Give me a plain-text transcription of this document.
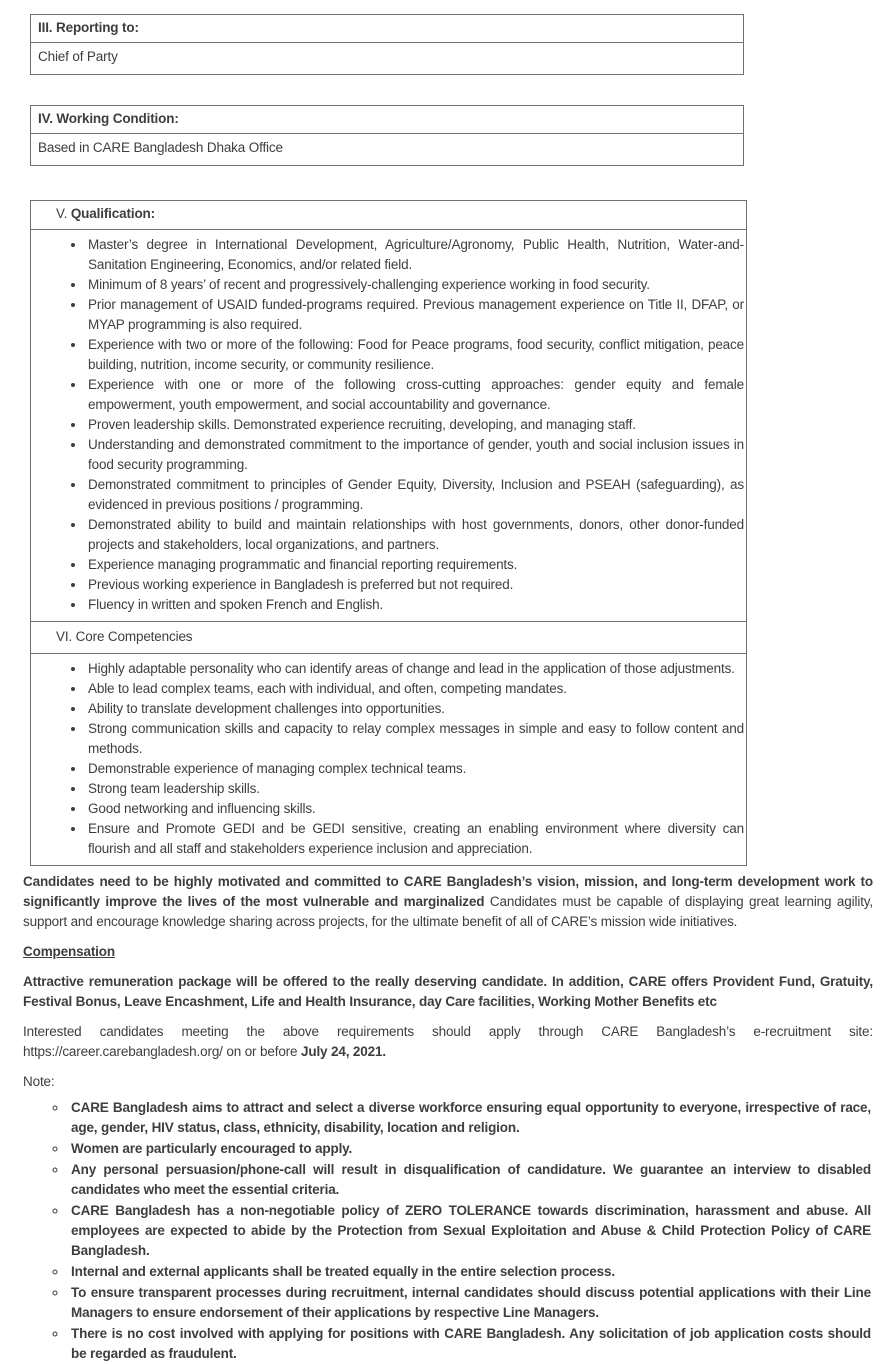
III. Reporting to:
Chief of Party
IV. Working Condition:
Based in CARE Bangladesh Dhaka Office
V. Qualification:
• Master’s degree in International Development, Agriculture/Agronomy, Public Health, Nutrition, Water-and-Sanitation Engineering, Economics, and/or related field.
• Minimum of 8 years’ of recent and progressively-challenging experience working in food security.
• Prior management of USAID funded-programs required. Previous management experience on Title II, DFAP, or MYAP programming is also required.
• Experience with two or more of the following: Food for Peace programs, food security, conflict mitigation, peace building, nutrition, income security, or community resilience.
• Experience with one or more of the following cross-cutting approaches: gender equity and female empowerment, youth empowerment, and social accountability and governance.
• Proven leadership skills. Demonstrated experience recruiting, developing, and managing staff.
• Understanding and demonstrated commitment to the importance of gender, youth and social inclusion issues in food security programming.
• Demonstrated commitment to principles of Gender Equity, Diversity, Inclusion and PSEAH (safeguarding), as evidenced in previous positions / programming.
• Demonstrated ability to build and maintain relationships with host governments, donors, other donor-funded projects and stakeholders, local organizations, and partners.
• Experience managing programmatic and financial reporting requirements.
• Previous working experience in Bangladesh is preferred but not required.
• Fluency in written and spoken French and English.
VI. Core Competencies
• Highly adaptable personality who can identify areas of change and lead in the application of those adjustments.
• Able to lead complex teams, each with individual, and often, competing mandates.
• Ability to translate development challenges into opportunities.
• Strong communication skills and capacity to relay complex messages in simple and easy to follow content and methods.
• Demonstrable experience of managing complex technical teams.
• Strong team leadership skills.
• Good networking and influencing skills.
• Ensure and Promote GEDI and be GEDI sensitive, creating an enabling environment where diversity can flourish and all staff and stakeholders experience inclusion and appreciation.

Candidates need to be highly motivated and committed to CARE Bangladesh’s vision, mission, and long-term development work to significantly improve the lives of the most vulnerable and marginalized Candidates must be capable of displaying great learning agility, support and encourage knowledge sharing across projects, for the ultimate benefit of all of CARE’s mission wide initiatives.

Compensation

Attractive remuneration package will be offered to the really deserving candidate. In addition, CARE offers Provident Fund, Gratuity, Festival Bonus, Leave Encashment, Life and Health Insurance, day Care facilities, Working Mother Benefits etc

Interested candidates meeting the above requirements should apply through CARE Bangladesh’s e-recruitment site: https://career.carebangladesh.org/ on or before July 24, 2021.

Note:

◦ CARE Bangladesh aims to attract and select a diverse workforce ensuring equal opportunity to everyone, irrespective of race, age, gender, HIV status, class, ethnicity, disability, location and religion.
◦ Women are particularly encouraged to apply.
◦ Any personal persuasion/phone-call will result in disqualification of candidature. We guarantee an interview to disabled candidates who meet the essential criteria.
◦ CARE Bangladesh has a non-negotiable policy of ZERO TOLERANCE towards discrimination, harassment and abuse. All employees are expected to abide by the Protection from Sexual Exploitation and Abuse & Child Protection Policy of CARE Bangladesh.
◦ Internal and external applicants shall be treated equally in the entire selection process.
◦ To ensure transparent processes during recruitment, internal candidates should discuss potential applications with their Line Managers to ensure endorsement of their applications by respective Line Managers.
◦ There is no cost involved with applying for positions with CARE Bangladesh. Any solicitation of job application costs should be regarded as fraudulent.
